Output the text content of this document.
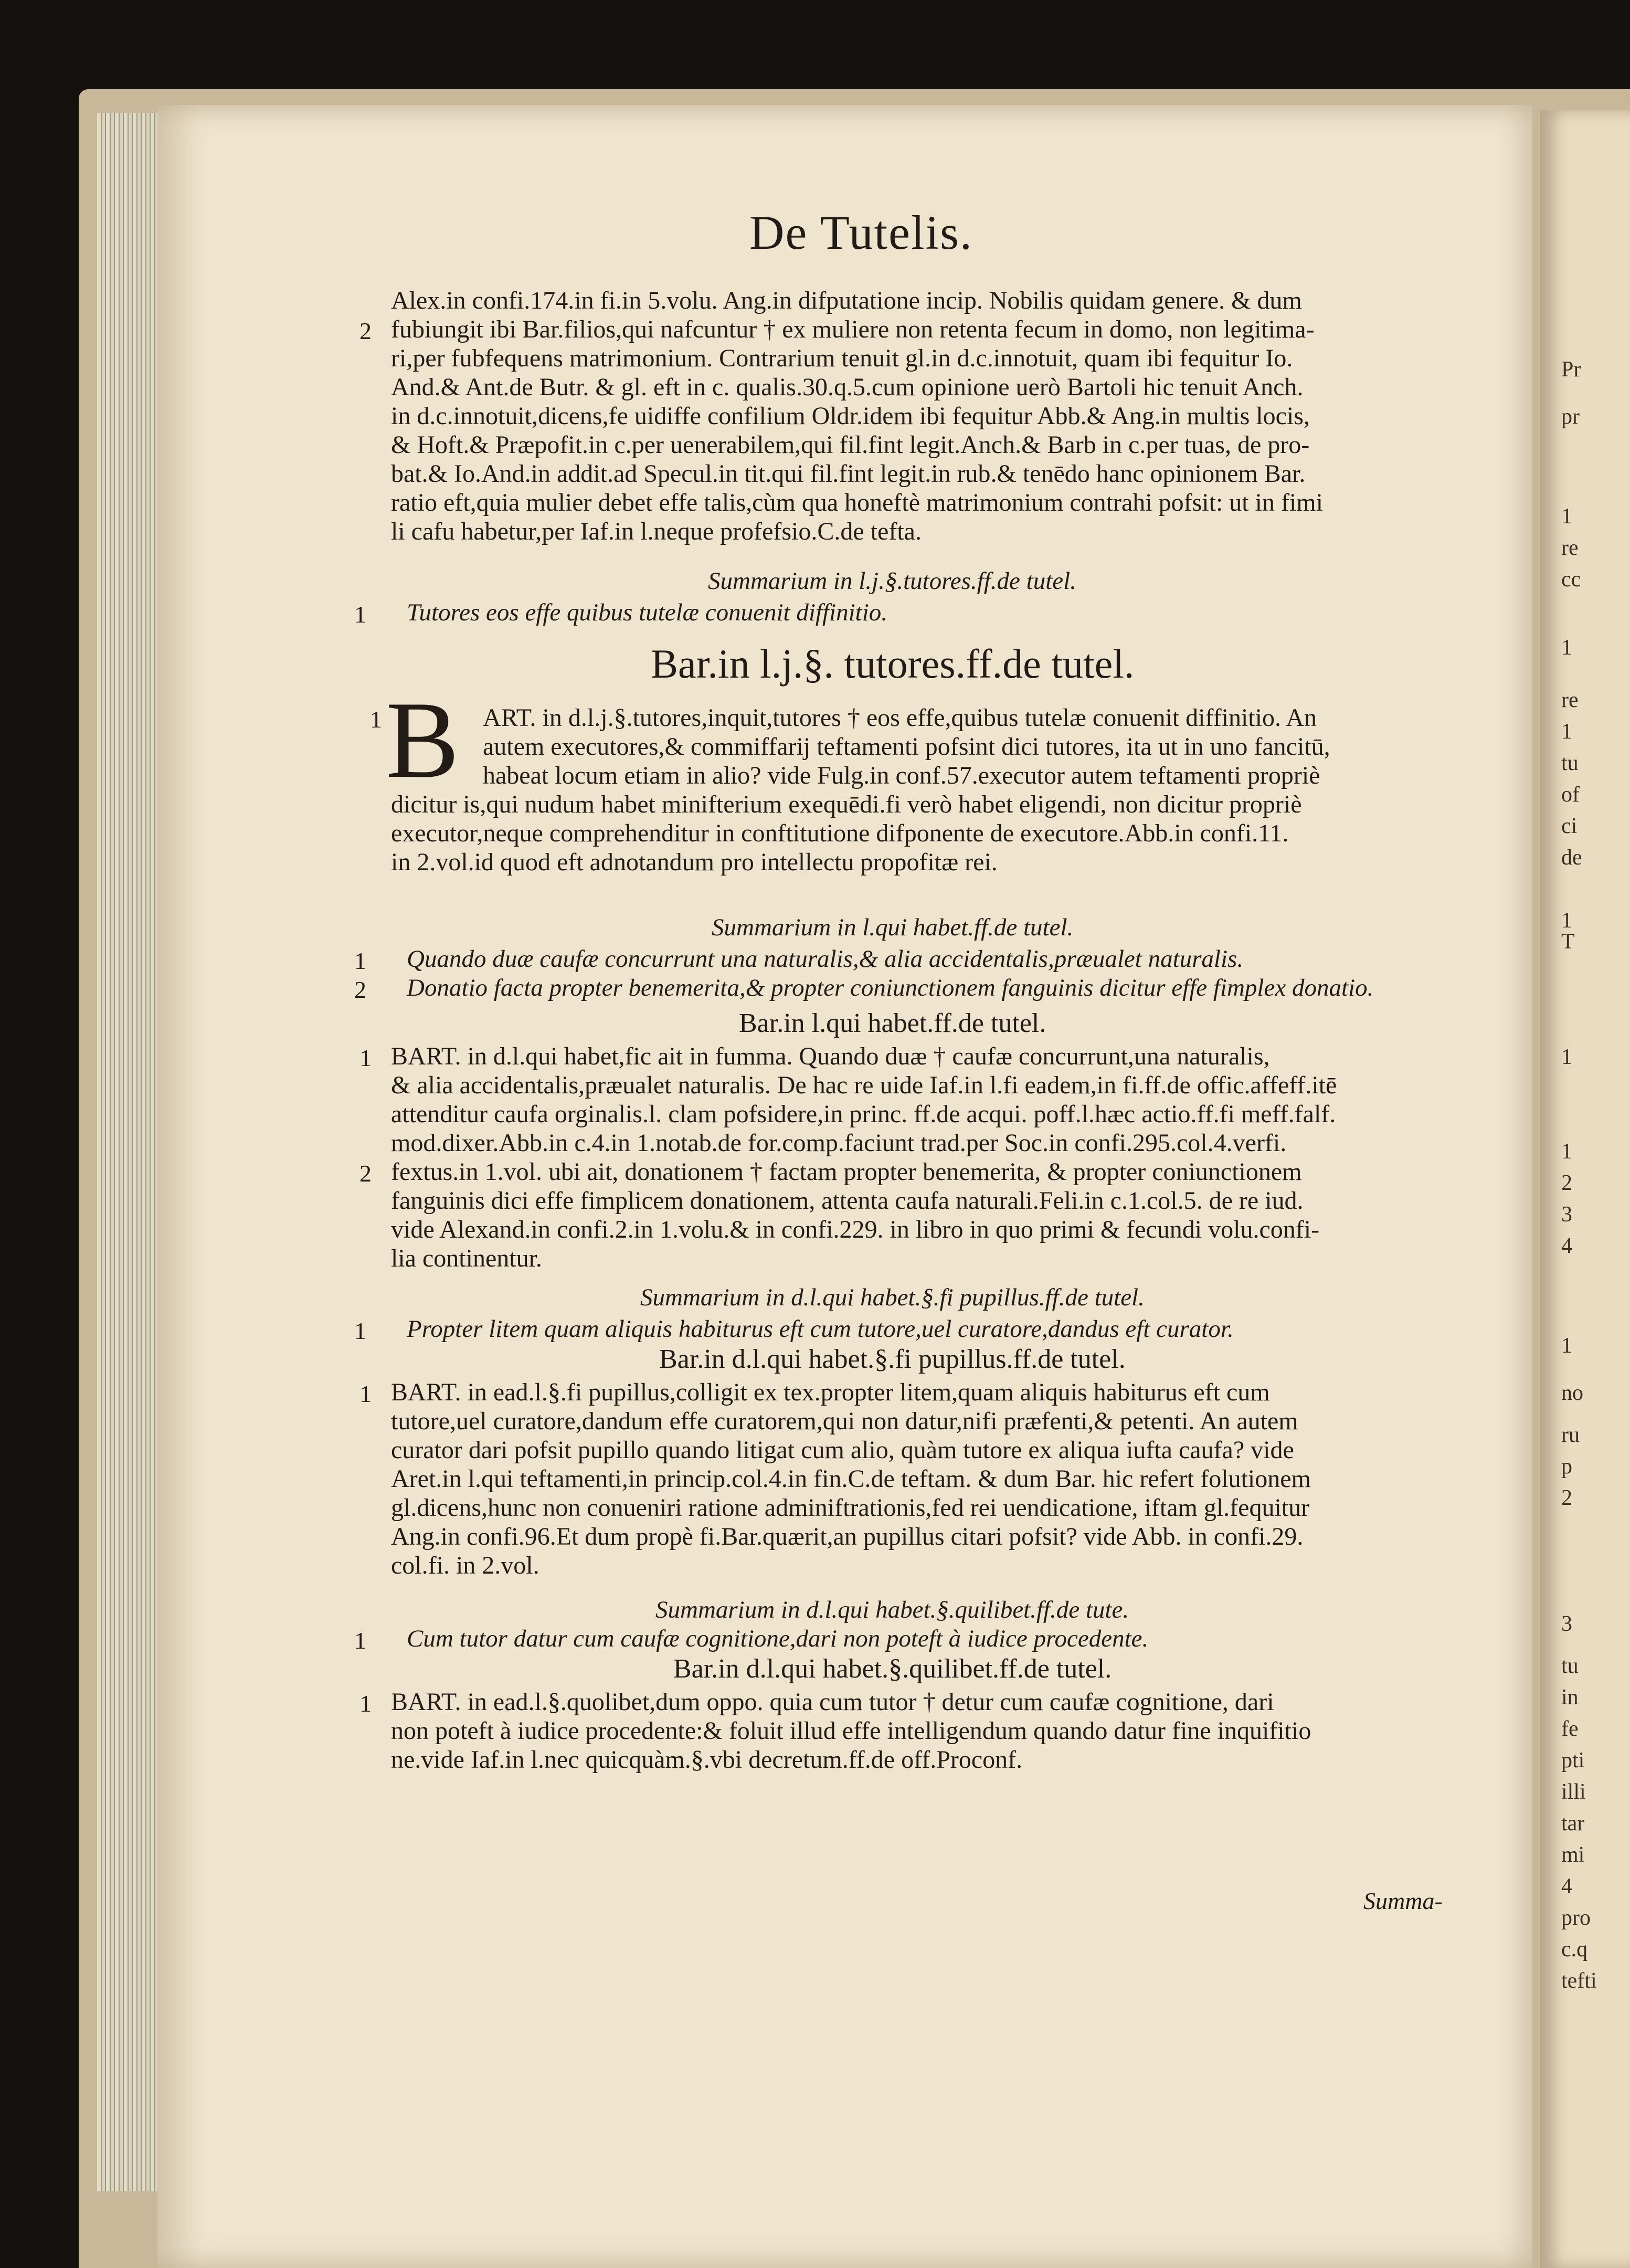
De Tutelis.
Alex.in confi.174.in fi.in 5.volu. Ang.in difputatione incip. Nobilis quidam genere. & dum
fubiungit ibi Bar.filios,qui nafcuntur † ex muliere non retenta fecum in domo, non legitima-
2
ri,per fubfequens matrimonium. Contrarium tenuit gl.in d.c.innotuit, quam ibi fequitur Io.
And.& Ant.de Butr. & gl. eft in c. qualis.30.q.5.cum opinione uerò Bartoli hic tenuit Anch.
in d.c.innotuit,dicens,fe uidiffe confilium Oldr.idem ibi fequitur Abb.& Ang.in multis locis,
& Hoft.& Præpofit.in c.per uenerabilem,qui fil.fint legit.Anch.& Barb in c.per tuas, de pro-
bat.& Io.And.in addit.ad Specul.in tit.qui fil.fint legit.in rub.& tenēdo hanc opinionem Bar.
ratio eft,quia mulier debet effe talis,cùm qua honeftè matrimonium contrahi pofsit: ut in fimi
li cafu habetur,per Iaf.in l.neque profefsio.C.de tefta.
Summarium in l.j.§.tutores.ff.de tutel.
1 Tutores eos effe quibus tutelæ conuenit diffinitio.
Bar.in l.j.§. tutores.ff.de tutel.
1 B ART. in d.l.j.§.tutores,inquit,tutores † eos effe,quibus tutelæ conuenit diffinitio. An
autem executores,& commiffarij teftamenti pofsint dici tutores, ita ut in uno fancitū,
habeat locum etiam in alio? vide Fulg.in conf.57.executor autem teftamenti propriè
dicitur is,qui nudum habet minifterium exequēdi.fi verò habet eligendi, non dicitur propriè
executor,neque comprehenditur in conftitutione difponente de executore.Abb.in confi.11.
in 2.vol.id quod eft adnotandum pro intellectu propofitæ rei.
Summarium in l.qui habet.ff.de tutel.
1 Quando duæ caufæ concurrunt una naturalis,& alia accidentalis,præualet naturalis.
2 Donatio facta propter benemerita,& propter coniunctionem fanguinis dicitur effe fimplex donatio.
Bar.in l.qui habet.ff.de tutel.
BART. in d.l.qui habet,fic ait in fumma. Quando duæ † caufæ concurrunt,una naturalis,
1
& alia accidentalis,præualet naturalis. De hac re uide Iaf.in l.fi eadem,in fi.ff.de offic.affeff.itē
attenditur caufa orginalis.l. clam pofsidere,in princ. ff.de acqui. poff.l.hæc actio.ff.fi meff.falf.
mod.dixer.Abb.in c.4.in 1.notab.de for.comp.faciunt trad.per Soc.in confi.295.col.4.verfi.
fextus.in 1.vol. ubi ait, donationem † factam propter benemerita, & propter coniunctionem
2
fanguinis dici effe fimplicem donationem, attenta caufa naturali.Feli.in c.1.col.5. de re iud.
vide Alexand.in confi.2.in 1.volu.& in confi.229. in libro in quo primi & fecundi volu.confi-
lia continentur.
Summarium in d.l.qui habet.§.fi pupillus.ff.de tutel.
1 Propter litem quam aliquis habiturus eft cum tutore,uel curatore,dandus eft curator.
Bar.in d.l.qui habet.§.fi pupillus.ff.de tutel.
BART. in ead.l.§.fi pupillus,colligit ex tex.propter litem,quam aliquis habiturus eft cum
1
tutore,uel curatore,dandum effe curatorem,qui non datur,nifi præfenti,& petenti. An autem
curator dari pofsit pupillo quando litigat cum alio, quàm tutore ex aliqua iufta caufa? vide
Aret.in l.qui teftamenti,in princip.col.4.in fin.C.de teftam. & dum Bar. hic refert folutionem
gl.dicens,hunc non conueniri ratione adminiftrationis,fed rei uendicatione, iftam gl.fequitur
Ang.in confi.96.Et dum propè fi.Bar.quærit,an pupillus citari pofsit? vide Abb. in confi.29.
col.fi. in 2.vol.
Summarium in d.l.qui habet.§.quilibet.ff.de tute.
1 Cum tutor datur cum caufæ cognitione,dari non poteft à iudice procedente.
Bar.in d.l.qui habet.§.quilibet.ff.de tutel.
BART. in ead.l.§.quolibet,dum oppo. quia cum tutor † detur cum caufæ cognitione, dari
1
non poteft à iudice procedente:& foluit illud effe intelligendum quando datur fine inquifitio
ne.vide Iaf.in l.nec quicquàm.§.vbi decretum.ff.de off.Proconf.
Summa-
Pr
pr
1
re
cc
1
re
1
tu
of
ci
de
1
T
1
1
2
3
4
1
no
ru
p
2
3
tu
in
fe
pti
illi
tar
mi
4
pro
c.q
tefti
